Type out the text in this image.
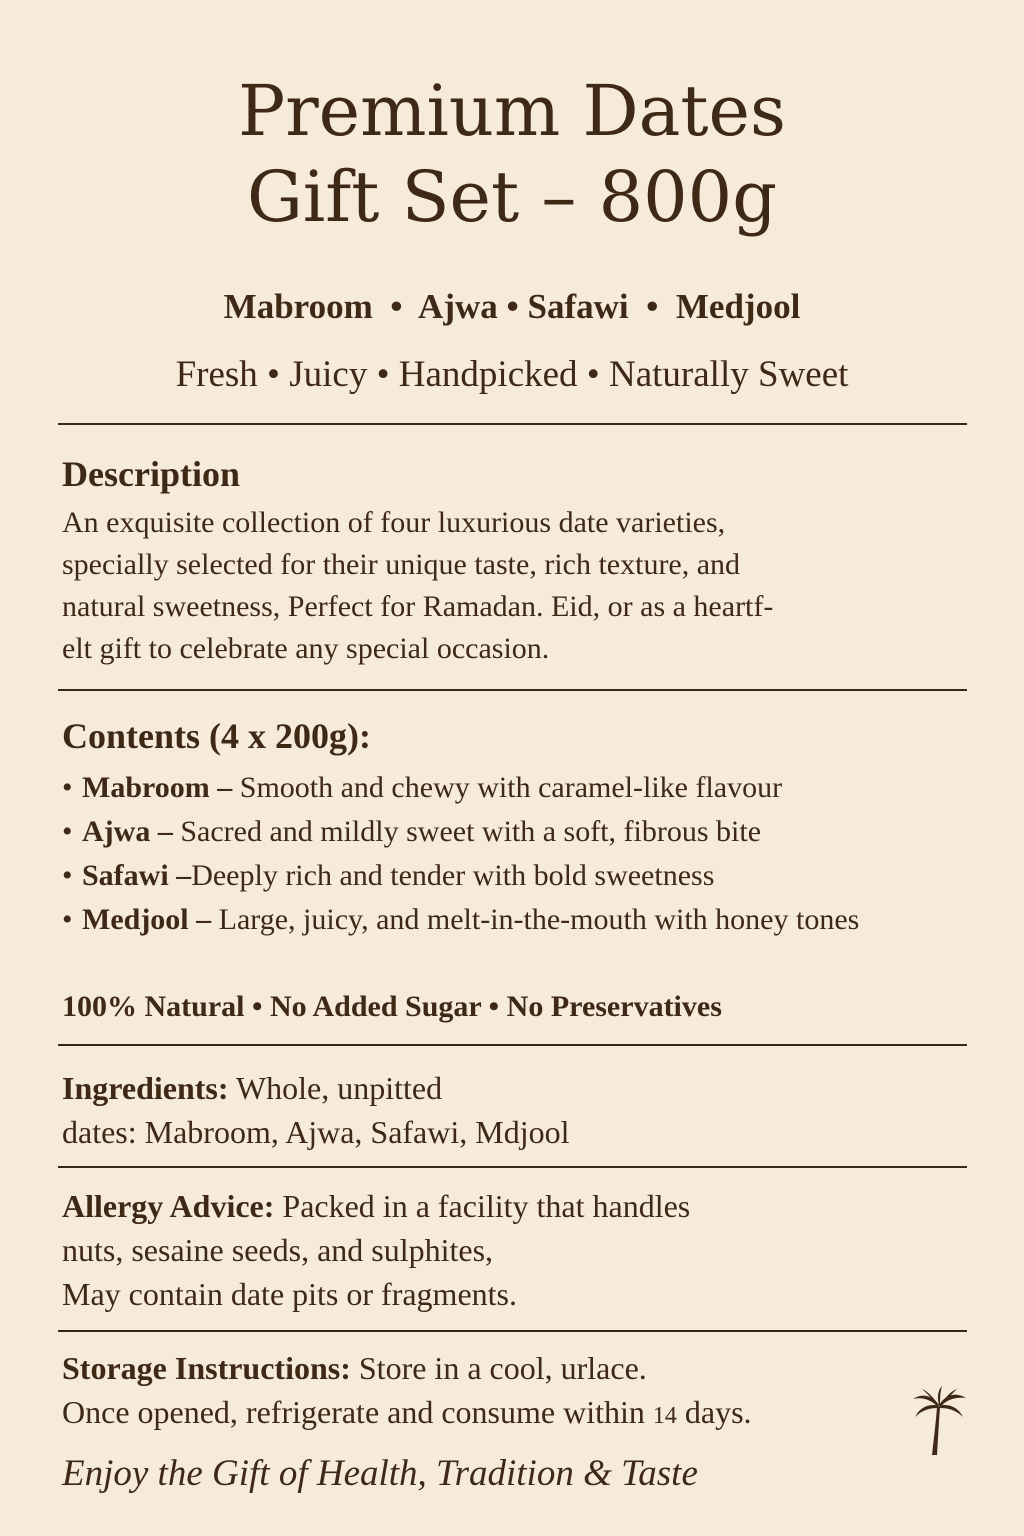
Premium Dates
Gift Set – 800g
Mabroom  •  Ajwa • Safawi  •  Medjool
Fresh • Juicy • Handpicked • Naturally Sweet
Description
An exquisite collection of four luxurious date varieties,
specially selected for their unique taste, rich texture, and
natural sweetness, Perfect for Ramadan. Eid, or as a heartf-
elt gift to celebrate any special occasion.
Contents (4 x 200g):
• Mabroom – Smooth and chewy with caramel-like flavour
• Ajwa – Sacred and mildly sweet with a soft, fibrous bite
• Safawi –Deeply rich and tender with bold sweetness
• Medjool – Large, juicy, and melt-in-the-mouth with honey tones
100% Natural • No Added Sugar • No Preservatives
Ingredients: Whole, unpitted
dates: Mabroom, Ajwa, Safawi, Mdjool
Allergy Advice: Packed in a facility that handles
nuts, sesaine seeds, and sulphites,
May contain date pits or fragments.
Storage Instructions: Store in a cool, urlace.
Once opened, refrigerate and consume within 14 days.
Enjoy the Gift of Health, Tradition & Taste
